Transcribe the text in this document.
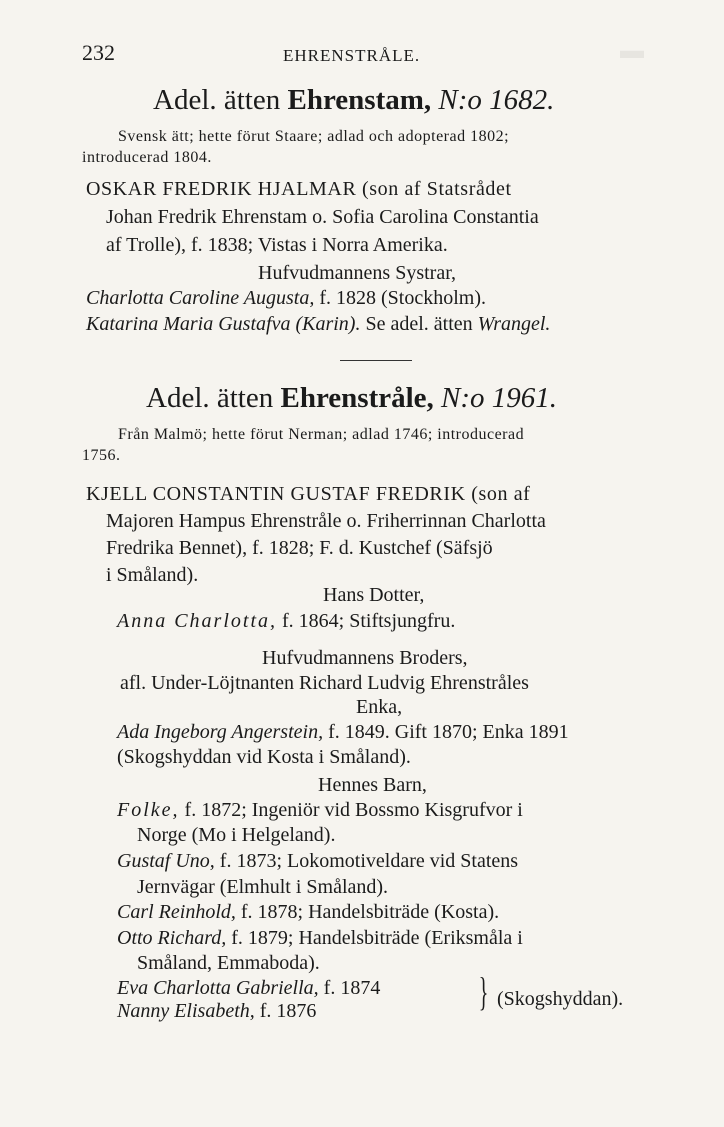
▬
232	EHRENSTRÅLE.
Adel. ätten Ehrenstam, N:o 1682.
Svensk ätt; hette förut Staare; adlad och adopterad 1802;
introducerad 1804.
OSKAR FREDRIK HJALMAR (son af Statsrådet
Johan Fredrik Ehrenstam o. Sofia Carolina Constantia
af Trolle), f. 1838; Vistas i Norra Amerika.
Hufvudmannens Systrar,
Charlotta Caroline Augusta, f. 1828 (Stockholm).
Katarina Maria Gustafva (Karin). Se adel. ätten Wrangel.
Adel. ätten Ehrenstråle, N:o 1961.
Från Malmö; hette förut Nerman; adlad 1746; introducerad
1756.
KJELL CONSTANTIN GUSTAF FREDRIK (son af
Majoren Hampus Ehrenstråle o. Friherrinnan Charlotta
Fredrika Bennet), f. 1828; F. d. Kustchef (Säfsjö
i Småland).
Hans Dotter,
Anna Charlotta, f. 1864; Stiftsjungfru.
Hufvudmannens Broders,
afl. Under-Löjtnanten Richard Ludvig Ehrenstråles
Enka,
Ada Ingeborg Angerstein, f. 1849. Gift 1870; Enka 1891
(Skogshyddan vid Kosta i Småland).
Hennes Barn,
Folke, f. 1872; Ingeniör vid Bossmo Kisgrufvor i
Norge (Mo i Helgeland).
Gustaf Uno, f. 1873; Lokomotiveldare vid Statens
Jernvägar (Elmhult i Småland).
Carl Reinhold, f. 1878; Handelsbiträde (Kosta).
Otto Richard, f. 1879; Handelsbiträde (Eriksmåla i
Småland, Emmaboda).
Eva Charlotta Gabriella, f. 1874
Nanny Elisabeth, f. 1876	} (Skogshyddan).
